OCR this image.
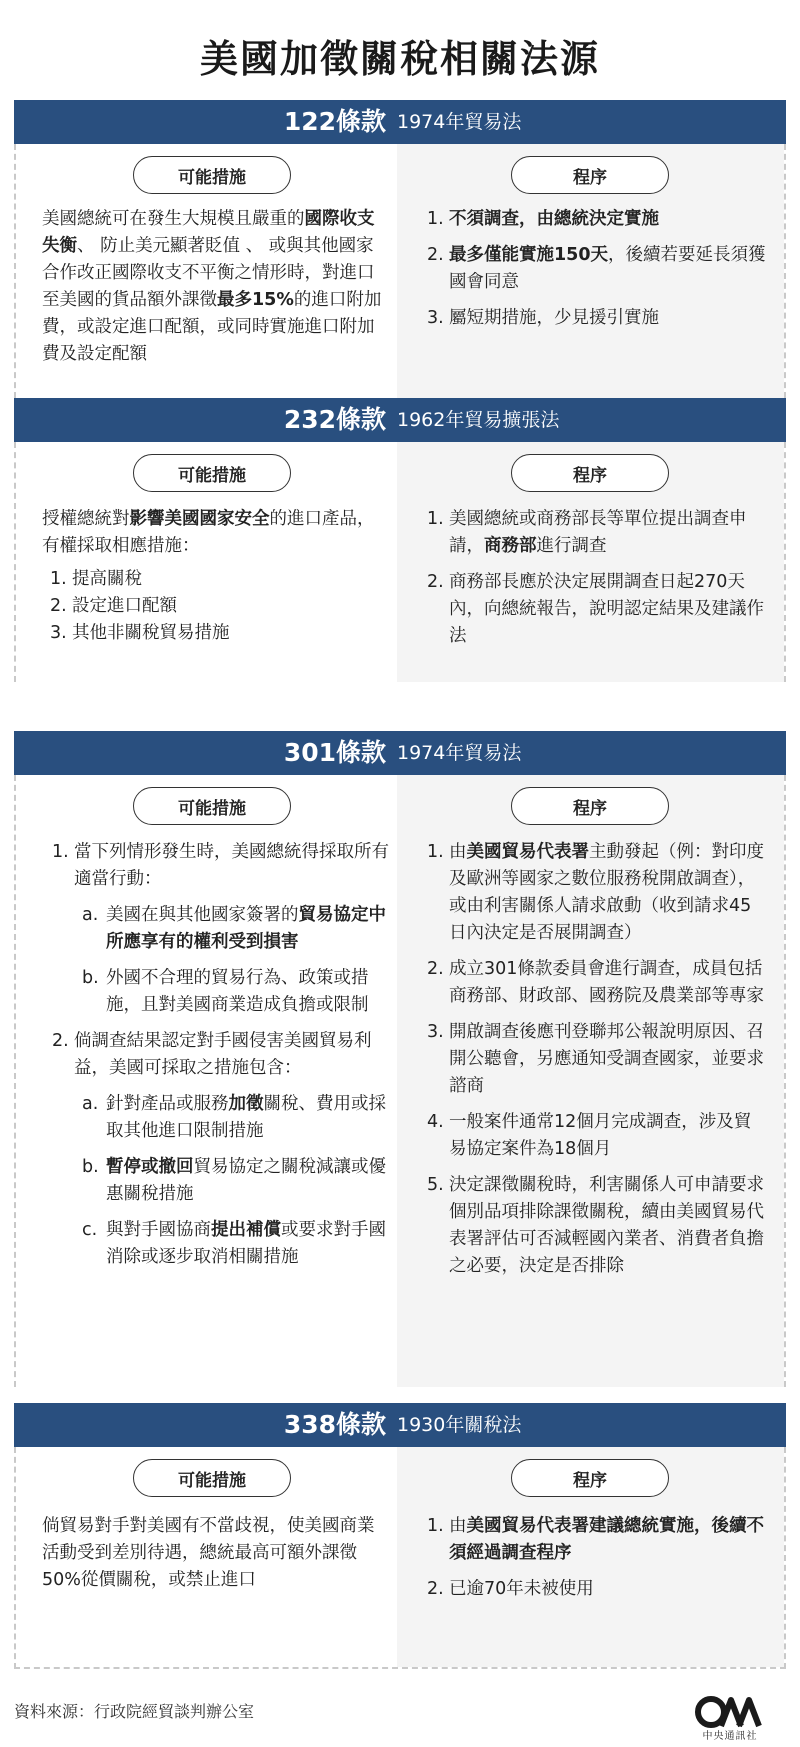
美國加徵關稅相關法源
122條款 1974年貿易法
可能措施
美國總統可在發生大規模且嚴重的國際收支失衡、 防止美元顯著貶值 、 或與其他國家合作改正國際收支不平衡之情形時，對進口至美國的貨品額外課徵最多15%的進口附加費，或設定進口配額，或同時實施進口附加費及設定配額
程序
1. 不須調查，由總統決定實施
2. 最多僅能實施150天，後續若要延長須獲國會同意
3. 屬短期措施，少見援引實施
232條款 1962年貿易擴張法
可能措施
授權總統對影響美國國家安全的進口產品，有權採取相應措施：
1. 提高關稅
2. 設定進口配額
3. 其他非關稅貿易措施
程序
1. 美國總統或商務部長等單位提出調查申請，商務部進行調查
2. 商務部長應於決定展開調查日起270天內，向總統報告，說明認定結果及建議作法
301條款 1974年貿易法
可能措施
1. 當下列情形發生時，美國總統得採取所有適當行動：
a. 美國在與其他國家簽署的貿易協定中所應享有的權利受到損害
b. 外國不合理的貿易行為、政策或措施，且對美國商業造成負擔或限制
2. 倘調查結果認定對手國侵害美國貿易利益，美國可採取之措施包含：
a. 針對產品或服務加徵關稅、費用或採取其他進口限制措施
b. 暫停或撤回貿易協定之關稅減讓或優惠關稅措施
c. 與對手國協商提出補償或要求對手國消除或逐步取消相關措施
程序
1. 由美國貿易代表署主動發起（例：對印度及歐洲等國家之數位服務稅開啟調查），或由利害關係人請求啟動（收到請求45日內決定是否展開調查）
2. 成立301條款委員會進行調查，成員包括商務部、財政部、國務院及農業部等專家
3. 開啟調查後應刊登聯邦公報說明原因、召開公聽會，另應通知受調查國家，並要求諮商
4. 一般案件通常12個月完成調查，涉及貿易協定案件為18個月
5. 決定課徵關稅時，利害關係人可申請要求個別品項排除課徵關稅，續由美國貿易代表署評估可否減輕國內業者、消費者負擔之必要，決定是否排除
338條款 1930年關稅法
可能措施
倘貿易對手對美國有不當歧視，使美國商業活動受到差別待遇，總統最高可額外課徵50%從價關稅，或禁止進口
程序
1. 由美國貿易代表署建議總統實施，後續不須經過調查程序
2. 已逾70年未被使用
資料來源：行政院經貿談判辦公室
中央通訊社
